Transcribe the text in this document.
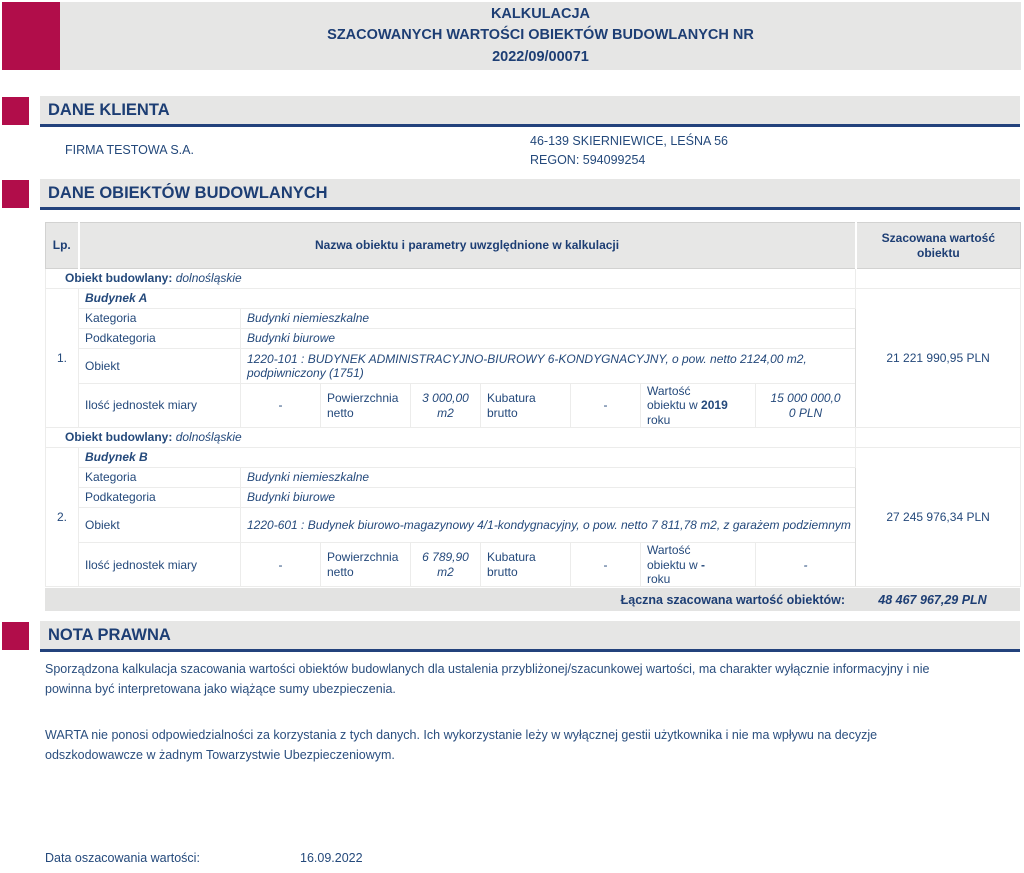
KALKULACJA
SZACOWANYCH WARTOŚCI OBIEKTÓW BUDOWLANYCH NR
2022/09/00071
DANE KLIENTA
FIRMA TESTOWA S.A.
46-139 SKIERNIEWICE, LEŚNA 56
REGON: 594099254
DANE OBIEKTÓW BUDOWLANYCH
Lp.	Nazwa obiektu i parametry uwzględnione w kalkulacji								Szacowana wartość obiektu
Obiekt budowlany: dolnośląskie									
1.	Budynek A								21 221 990,95 PLN
	Kategoria	Budynki niemieszkalne							
	Podkategoria	Budynki biurowe							
	Obiekt	1220-101 : BUDYNEK ADMINISTRACYJNO-BIUROWY 6-KONDYGNACYJNY, o pow. netto 2124,00 m2, podpiwniczony (1751)							
	Ilość jednostek miary	-	Powierzchnia netto	3 000,00 m2	Kubatura brutto	-	Wartość obiektu w 2019 roku	15 000 000,0 0 PLN	
Obiekt budowlany: dolnośląskie									
2.	Budynek B								27 245 976,34 PLN
	Kategoria	Budynki niemieszkalne							
	Podkategoria	Budynki biurowe							
	Obiekt	1220-601 : Budynek biurowo-magazynowy 4/1-kondygnacyjny, o pow. netto 7 811,78 m2, z garażem podziemnym							
	Ilość jednostek miary	-	Powierzchnia netto	6 789,90 m2	Kubatura brutto	-	Wartość obiektu w - roku	-	
Łączna szacowana wartość obiektów:	48 467 967,29 PLN
NOTA PRAWNA
Sporządzona kalkulacja szacowania wartości obiektów budowlanych dla ustalenia przybliżonej/szacunkowej wartości, ma charakter wyłącznie informacyjny i nie powinna być interpretowana jako wiążące sumy ubezpieczenia.
WARTA nie ponosi odpowiedzialności za korzystania z tych danych. Ich wykorzystanie leży w wyłącznej gestii użytkownika i nie ma wpływu na decyzje odszkodowawcze w żadnym Towarzystwie Ubezpieczeniowym.
Data oszacowania wartości:	16.09.2022
